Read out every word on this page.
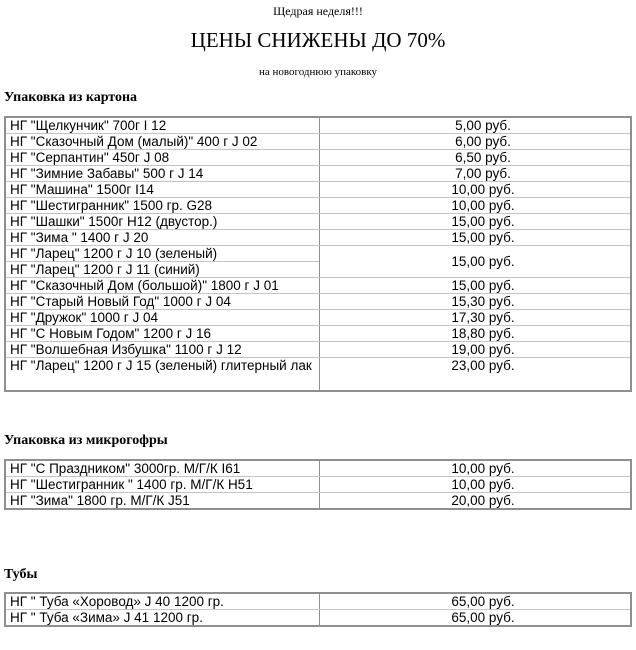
Щедрая неделя!!!
ЦЕНЫ СНИЖЕНЫ ДО 70%
на новогоднюю упаковку
Упаковка из картона
НГ "Щелкунчик" 700г I 12	5,00 руб.

НГ "Сказочный Дом (малый)" 400 г J 02	6,00 руб.

НГ "Серпантин" 450г J 08	6,50 руб.

НГ "Зимние Забавы" 500 г J 14	7,00 руб.

НГ "Машина" 1500г I14	10,00 руб.

НГ "Шестигранник" 1500 гр. G28	10,00 руб.

НГ "Шашки" 1500г H12 (двустор.)	15,00 руб.

НГ "Зима " 1400 г J 20	15,00 руб.

НГ "Ларец" 1200 г J 10 (зеленый)
НГ "Ларец" 1200 г J 11 (синий)	15,00 руб.

НГ "Сказочный Дом (большой)" 1800 г J 01	15,00 руб.

НГ "Старый Новый Год" 1000 г J 04	15,30 руб.

НГ "Дружок" 1000 г J 04	17,30 руб.

НГ "С Новым Годом" 1200 г J 16	18,80 руб.

НГ "Волшебная Избушка" 1100 г J 12	19,00 руб.

НГ "Ларец" 1200 г J 15 (зеленый) глитерный лак	23,00 руб.
Упаковка из микрогофры
НГ "С Праздником" 3000гр. М/Г/К I61	10,00 руб.

НГ "Шестигранник " 1400 гр. М/Г/К H51	10,00 руб.

НГ "Зима" 1800 гр. М/Г/К J51	20,00 руб.
Тубы
НГ " Туба «Хоровод» J 40 1200 гр.	65,00 руб.

НГ " Туба «Зима» J 41 1200 гр.	65,00 руб.
